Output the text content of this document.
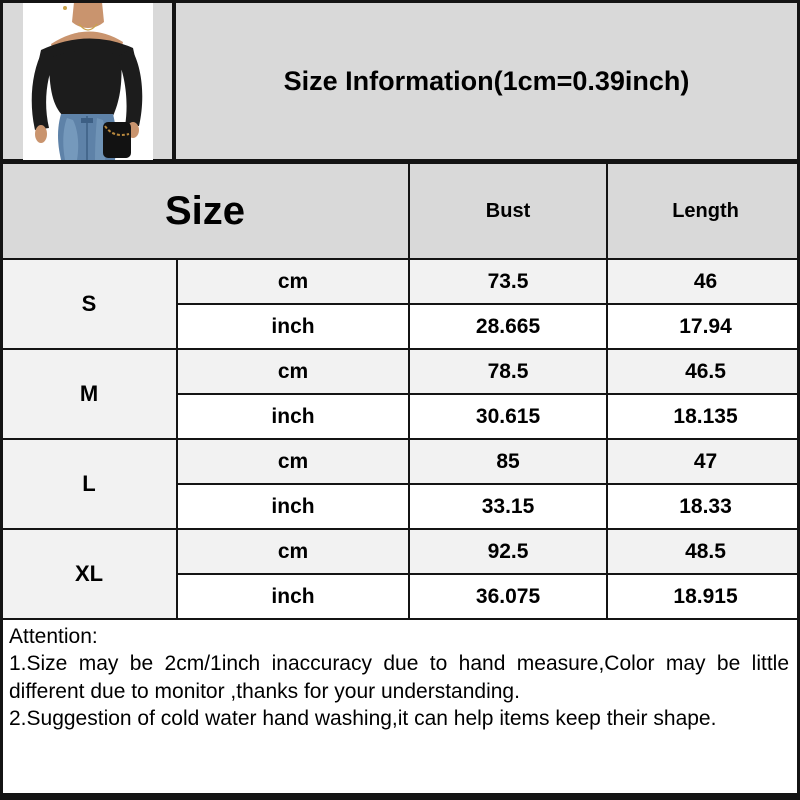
Size Information(1cm=0.39inch)
Size		Bust	Length
S	cm	73.5	46
	inch	28.665	17.94
M	cm	78.5	46.5
	inch	30.615	18.135
L	cm	85	47
	inch	33.15	18.33
XL	cm	92.5	48.5
	inch	36.075	18.915

Attention:

1.Size may be 2cm/1inch inaccuracy due to hand measure,Color may be little different due to monitor ,thanks for your understanding.

2.Suggestion of cold water hand washing,it can help items keep their shape.
